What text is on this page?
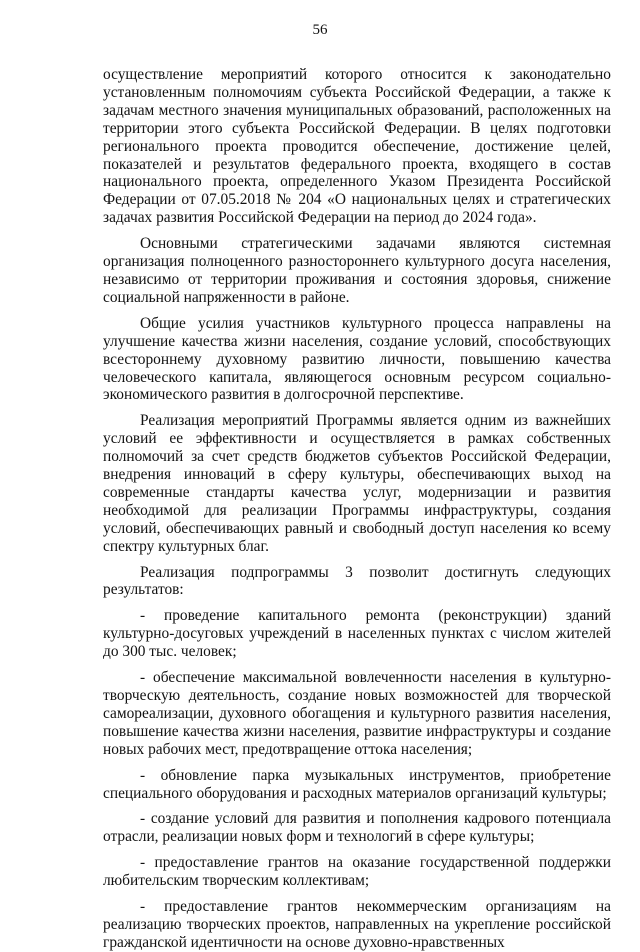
56

осуществление мероприятий которого относится к законодательно установленным полномочиям субъекта Российской Федерации, а также к задачам местного значения муниципальных образований, расположенных на территории этого субъекта Российской Федерации. В целях подготовки регионального проекта проводится обеспечение, достижение целей, показателей и результатов федерального проекта, входящего в состав национального проекта, определенного Указом Президента Российской Федерации от 07.05.2018 № 204 «О национальных целях и стратегических задачах развития Российской Федерации на период до 2024 года».

Основными стратегическими задачами являются системная организация полноценного разностороннего культурного досуга населения, независимо от территории проживания и состояния здоровья, снижение социальной напряженности в районе.

Общие усилия участников культурного процесса направлены на улучшение качества жизни населения, создание условий, способствующих всестороннему духовному развитию личности, повышению качества человеческого капитала, являющегося основным ресурсом социально-экономического развития в долгосрочной перспективе.

Реализация мероприятий Программы является одним из важнейших условий ее эффективности и осуществляется в рамках собственных полномочий за счет средств бюджетов субъектов Российской Федерации, внедрения инноваций в сферу культуры, обеспечивающих выход на современные стандарты качества услуг, модернизации и развития необходимой для реализации Программы инфраструктуры, создания условий, обеспечивающих равный и свободный доступ населения ко всему спектру культурных благ.

Реализация подпрограммы 3 позволит достигнуть следующих результатов:

- проведение капитального ремонта (реконструкции) зданий культурно-досуговых учреждений в населенных пунктах с числом жителей до 300 тыс. человек;

- обеспечение максимальной вовлеченности населения в культурно-творческую деятельность, создание новых возможностей для творческой самореализации, духовного обогащения и культурного развития населения, повышение качества жизни населения, развитие инфраструктуры и создание новых рабочих мест, предотвращение оттока населения;

- обновление парка музыкальных инструментов, приобретение специального оборудования и расходных материалов организаций культуры;

- создание условий для развития и пополнения кадрового потенциала отрасли, реализации новых форм и технологий в сфере культуры;

- предоставление грантов на оказание государственной поддержки любительским творческим коллективам;

- предоставление грантов некоммерческим организациям на реализацию творческих проектов, направленных на укрепление российской гражданской идентичности на основе духовно-нравственных
